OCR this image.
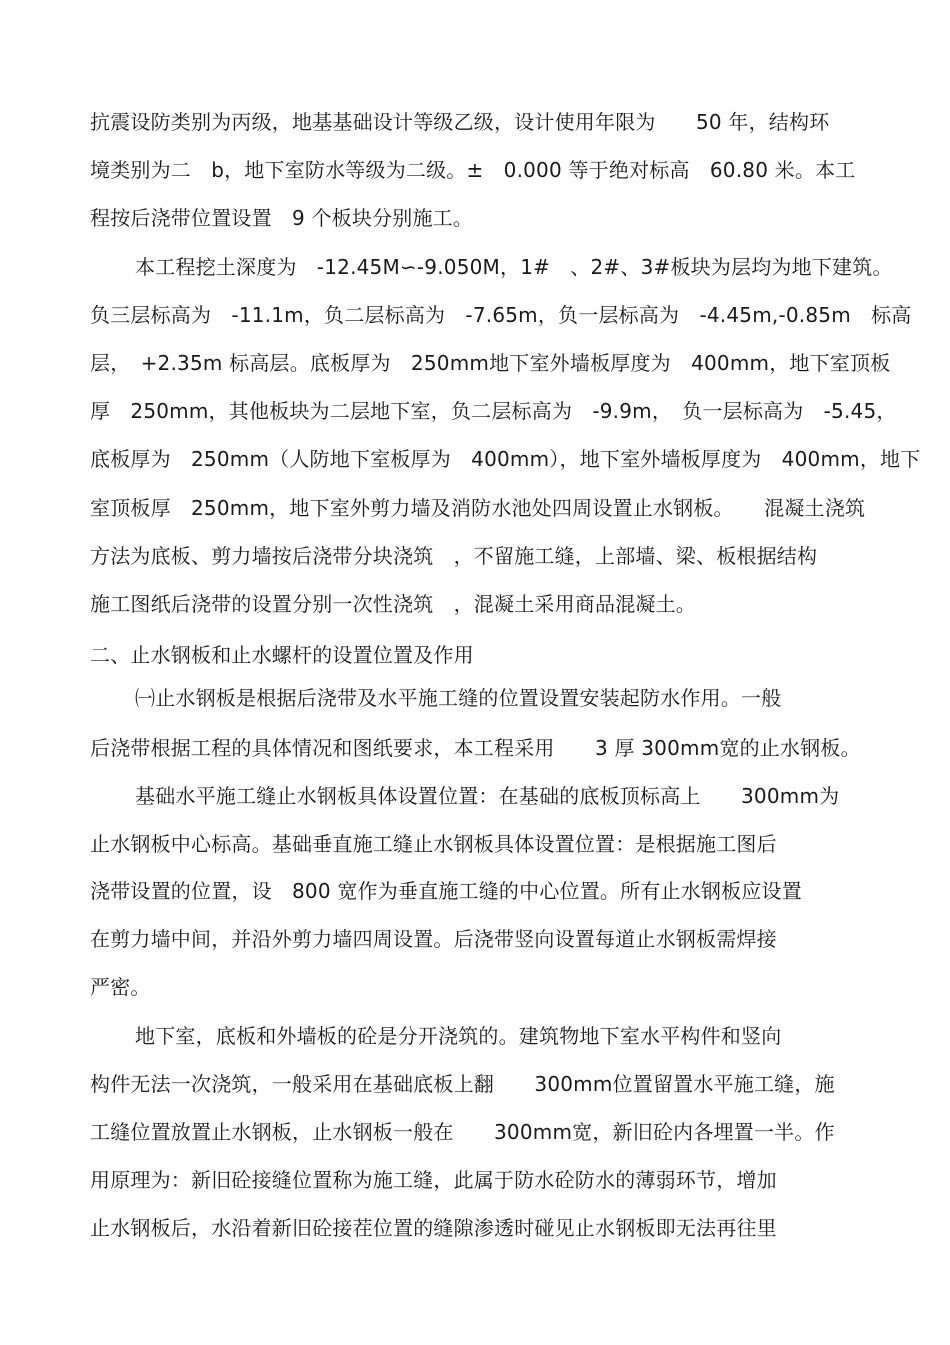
抗震设防类别为丙级，地基基础设计等级乙级，设计使用年限为　　50 年，结构环
境类别为二　b，地下室防水等级为二级。±　0.000 等于绝对标高　60.80 米。本工
程按后浇带位置设置　9 个板块分别施工。
本工程挖土深度为　-12.45M∽-9.050M，1#　、2#、3#板块为层均为地下建筑。
负三层标高为　-11.1m，负二层标高为　-7.65m，负一层标高为　-4.45m,-0.85m　标高
层，　+2.35m 标高层。底板厚为　250mm地下室外墙板厚度为　400mm，地下室顶板
厚　250mm，其他板块为二层地下室，负二层标高为　-9.9m，　负一层标高为　-5.45，
底板厚为　250mm（人防地下室板厚为　400mm），地下室外墙板厚度为　400mm，地下
室顶板厚　250mm，地下室外剪力墙及消防水池处四周设置止水钢板。　　混凝土浇筑
方法为底板、剪力墙按后浇带分块浇筑　，不留施工缝，上部墙、梁、板根据结构
施工图纸后浇带的设置分别一次性浇筑　，混凝土采用商品混凝土。
二、止水钢板和止水螺杆的设置位置及作用
㈠止水钢板是根据后浇带及水平施工缝的位置设置安装起防水作用。一般
后浇带根据工程的具体情况和图纸要求，本工程采用　　3 厚 300mm宽的止水钢板。
基础水平施工缝止水钢板具体设置位置：在基础的底板顶标高上　　300mm为
止水钢板中心标高。基础垂直施工缝止水钢板具体设置位置：是根据施工图后
浇带设置的位置，设　800 宽作为垂直施工缝的中心位置。所有止水钢板应设置
在剪力墙中间，并沿外剪力墙四周设置。后浇带竖向设置每道止水钢板需焊接
严密。
地下室，底板和外墙板的砼是分开浇筑的。建筑物地下室水平构件和竖向
构件无法一次浇筑，一般采用在基础底板上翻　　300mm位置留置水平施工缝，施
工缝位置放置止水钢板，止水钢板一般在　　300mm宽，新旧砼内各埋置一半。作
用原理为：新旧砼接缝位置称为施工缝，此属于防水砼防水的薄弱环节，增加
止水钢板后，水沿着新旧砼接茬位置的缝隙渗透时碰见止水钢板即无法再往里
